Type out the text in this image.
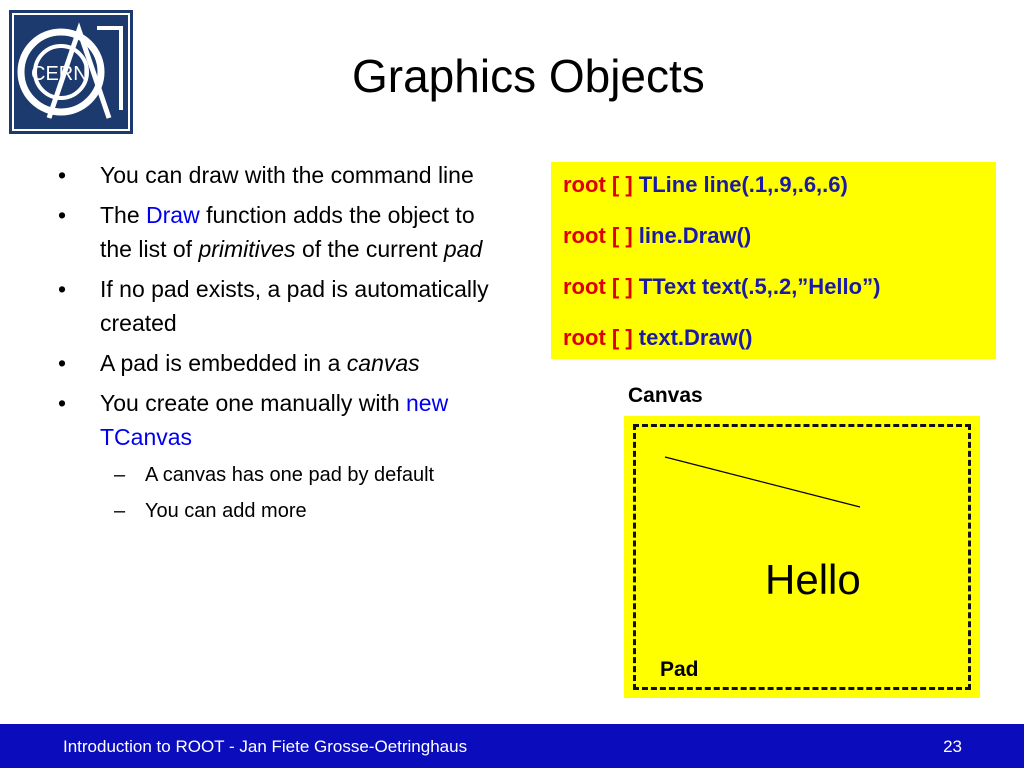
CERN	Graphics Objects
• You can draw with the command line
• The Draw function adds the object to the list of primitives of the current pad
• If no pad exists, a pad is automatically created
• A pad is embedded in a canvas
• You create one manually with new TCanvas
– A canvas has one pad by default
– You can add more
root [ ] TLine line(.1,.9,.6,.6)
root [ ] line.Draw()
root [ ] TText text(.5,.2,”Hello”)
root [ ] text.Draw()
Canvas
Hello
Pad
Introduction to ROOT - Jan Fiete Grosse-Oetringhaus	23
